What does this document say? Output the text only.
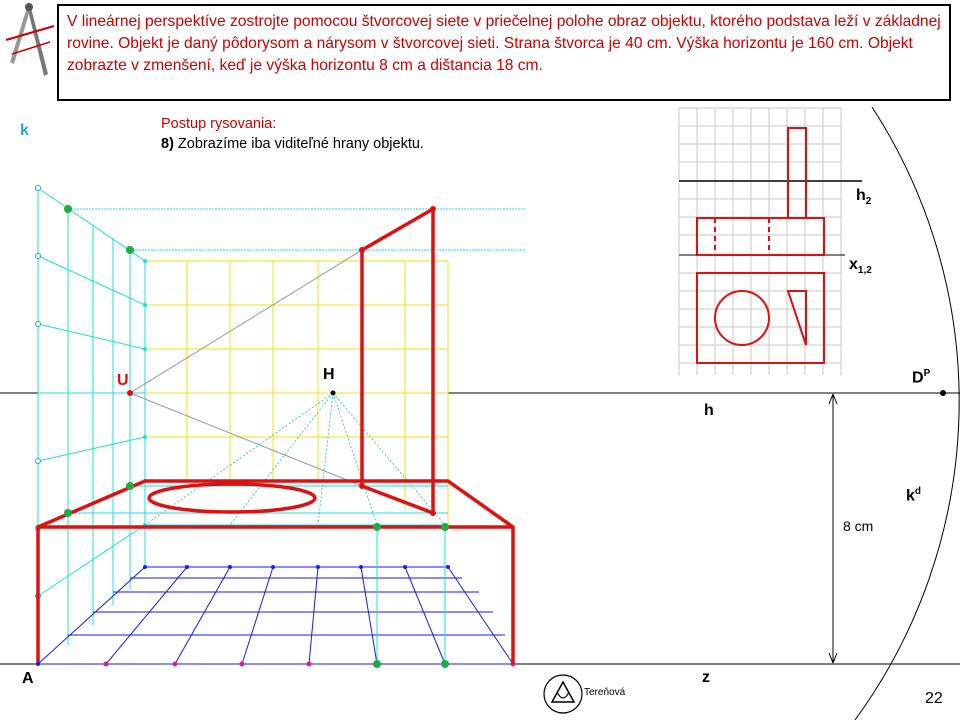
V lineárnej perspektíve zostrojte pomocou štvorcovej siete v priečelnej polohe obraz objektu, ktorého podstava leží v základnej rovine. Objekt je daný pôdorysom a nárysom v štvorcovej sieti. Strana štvorca je 40 cm. Výška horizontu je 160 cm. Objekt zobrazte v zmenšení, keď je výška horizontu 8 cm a dištancia 18 cm.
Postup rysovania:
8) Zobrazíme iba viditeľné hrany objektu.
k
U	H
h
A	z
$h_2$
$x_{1,2}$
$D^P$
$k^d$
8 cm
Tereňová	22
